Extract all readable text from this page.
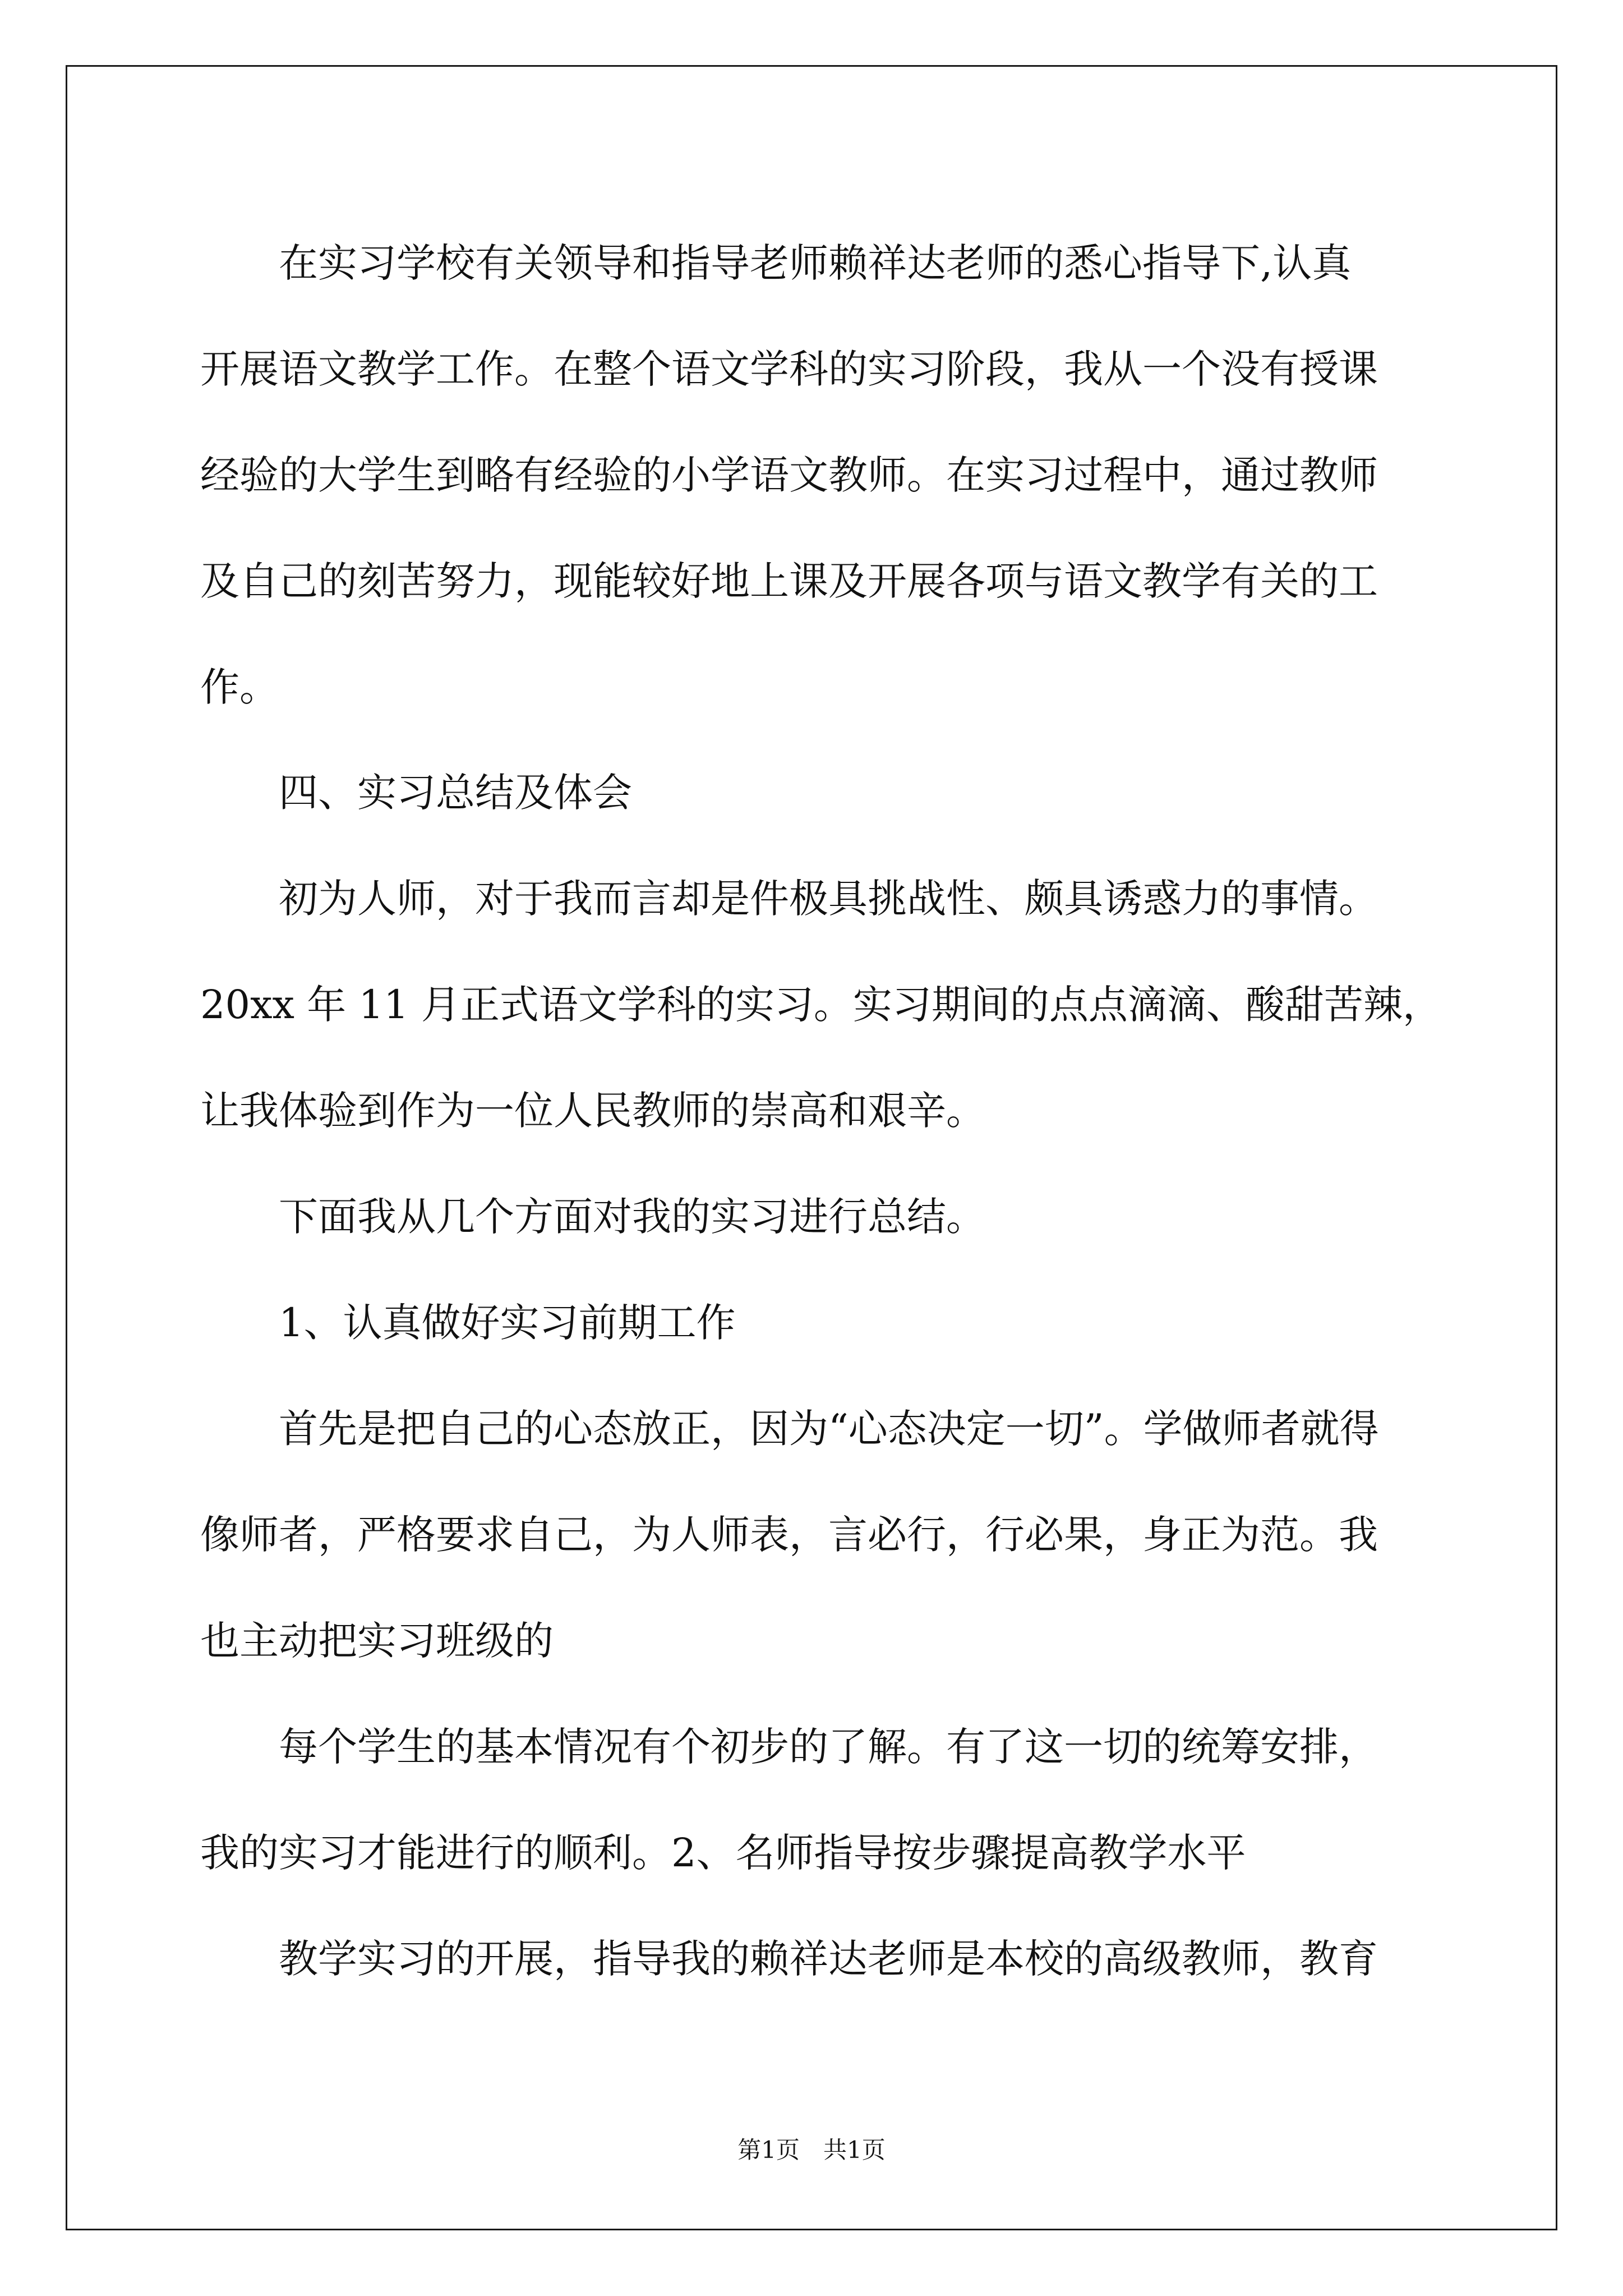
　　在实习学校有关领导和指导老师赖祥达老师的悉心指导下,认真
开展语文教学工作。在整个语文学科的实习阶段，我从一个没有授课
经验的大学生到略有经验的小学语文教师。在实习过程中，通过教师
及自己的刻苦努力，现能较好地上课及开展各项与语文教学有关的工
作。
　　四、实习总结及体会
　　初为人师，对于我而言却是件极具挑战性、颇具诱惑力的事情。
20xx 年 11 月正式语文学科的实习。实习期间的点点滴滴、酸甜苦辣，
让我体验到作为一位人民教师的崇高和艰辛。
　　下面我从几个方面对我的实习进行总结。
　　1、认真做好实习前期工作
　　首先是把自己的心态放正，因为“心态决定一切”。学做师者就得
像师者，严格要求自己，为人师表，言必行，行必果，身正为范。我
也主动把实习班级的
　　每个学生的基本情况有个初步的了解。有了这一切的统筹安排，
我的实习才能进行的顺利。2、名师指导按步骤提高教学水平
　　教学实习的开展，指导我的赖祥达老师是本校的高级教师，教育
第1页　共1页
